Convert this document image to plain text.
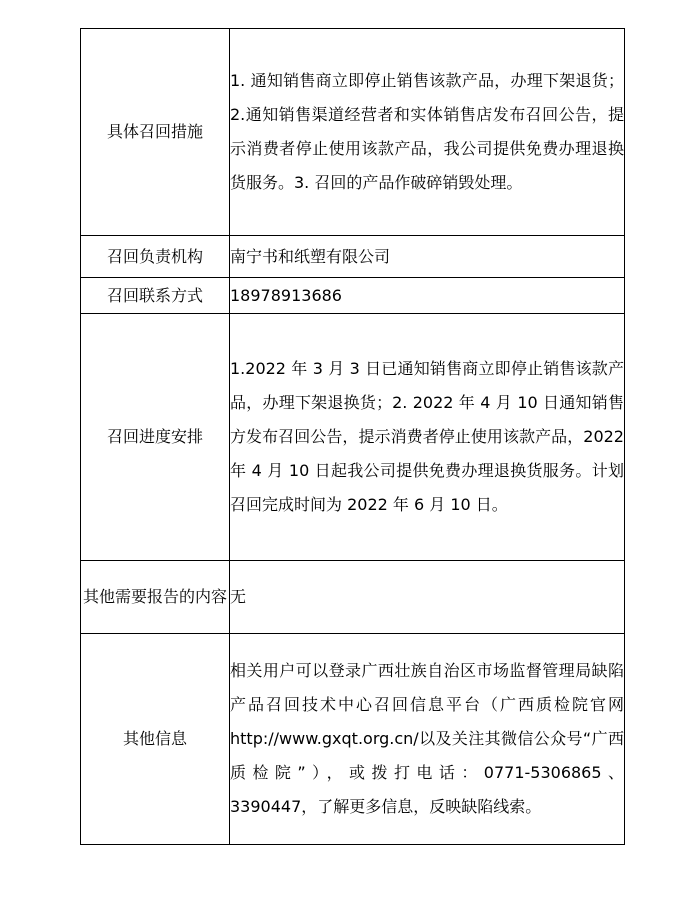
具体召回措施	1. 通知销售商立即停止销售该款产品，办理下架退货；2.通知销售渠道经营者和实体销售店发布召回公告，提示消费者停止使用该款产品，我公司提供免费办理退换货服务。3. 召回的产品作破碎销毁处理。
召回负责机构	南宁书和纸塑有限公司
召回联系方式	18978913686
召回进度安排	1.2022 年 3 月 3 日已通知销售商立即停止销售该款产品，办理下架退换货；2. 2022 年 4 月 10 日通知销售方发布召回公告，提示消费者停止使用该款产品，2022 年 4 月 10 日起我公司提供免费办理退换货服务。计划召回完成时间为 2022 年 6 月 10 日。
其他需要报告的内容	无
其他信息	相关用户可以登录广西壮族自治区市场监督管理局缺陷产品召回技术中心召回信息平台（广西质检院官网 http://www.gxqt.org.cn/以及关注其微信公众号“广西质检院”），或拨打电话：0771-5306865、3390447，了解更多信息，反映缺陷线索。
